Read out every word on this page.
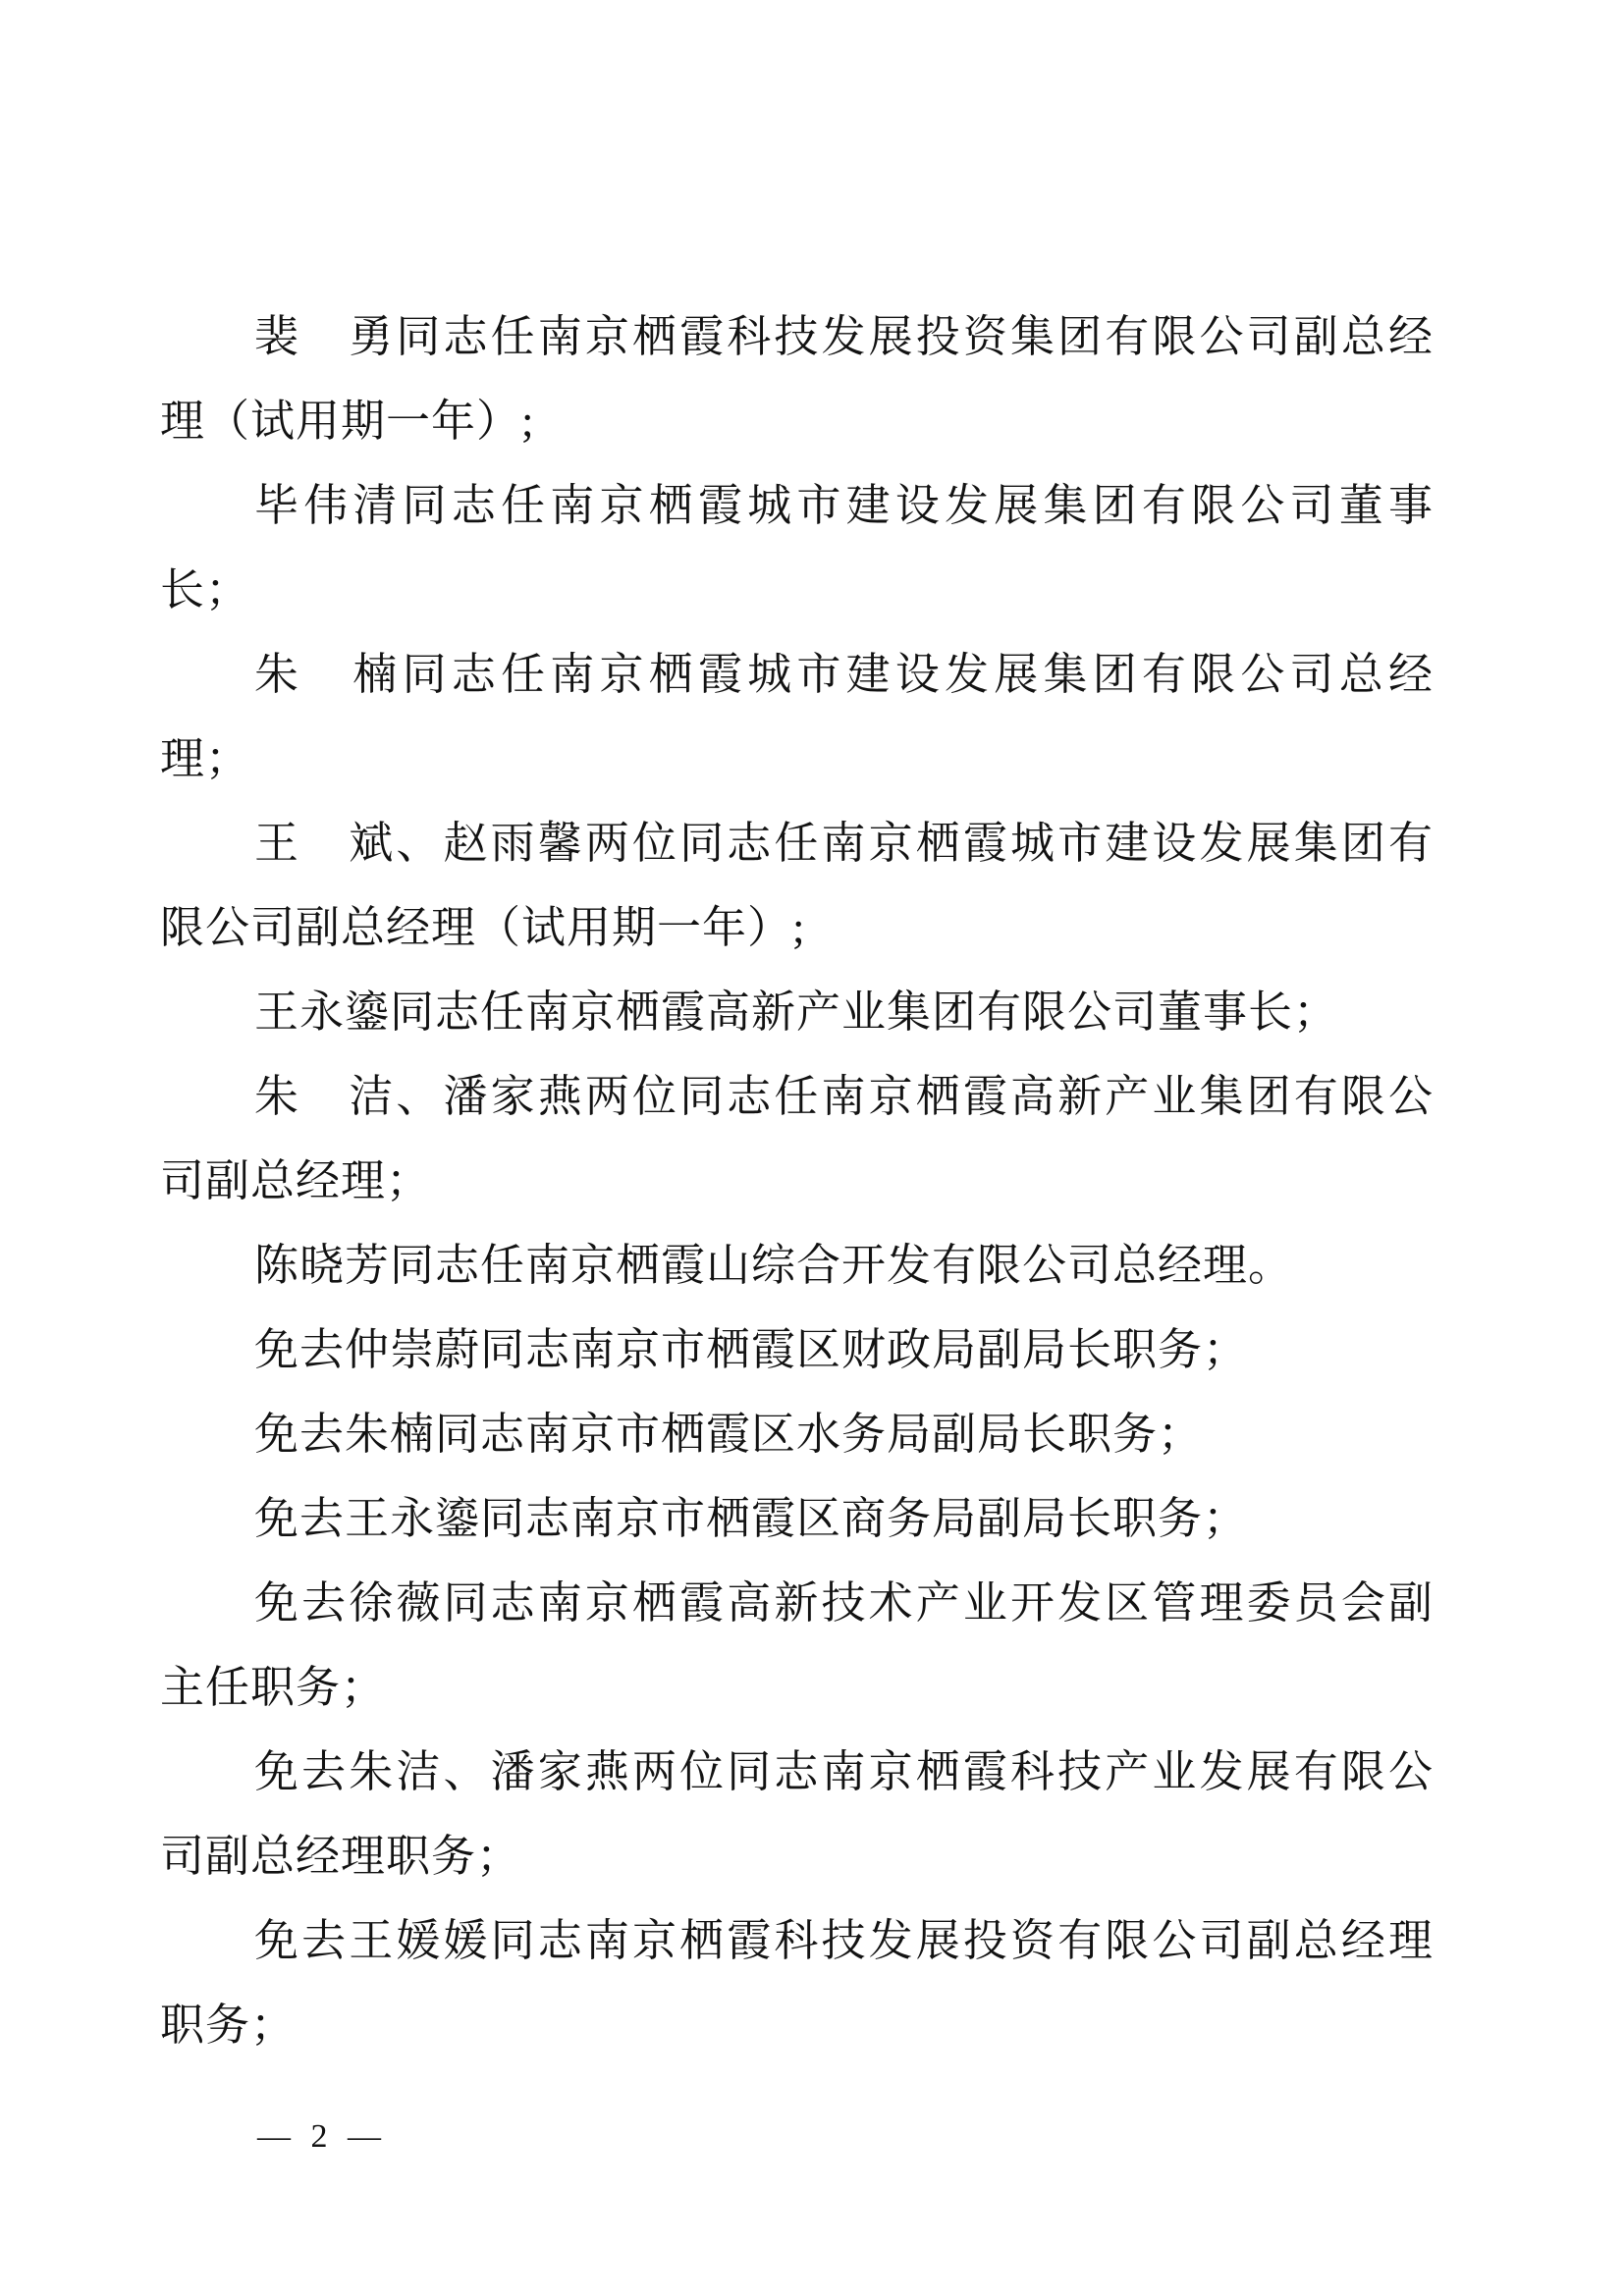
裴　勇同志任南京栖霞科技发展投资集团有限公司副总经
理（试用期一年）;
毕伟清同志任南京栖霞城市建设发展集团有限公司董事
长；
朱　楠同志任南京栖霞城市建设发展集团有限公司总经
理；
王　斌、赵雨馨两位同志任南京栖霞城市建设发展集团有
限公司副总经理（试用期一年）;
王永鎏同志任南京栖霞高新产业集团有限公司董事长；
朱　洁、潘家燕两位同志任南京栖霞高新产业集团有限公
司副总经理；
陈晓芳同志任南京栖霞山综合开发有限公司总经理。
免去仲崇蔚同志南京市栖霞区财政局副局长职务；
免去朱楠同志南京市栖霞区水务局副局长职务；
免去王永鎏同志南京市栖霞区商务局副局长职务；
免去徐薇同志南京栖霞高新技术产业开发区管理委员会副
主任职务；
免去朱洁、潘家燕两位同志南京栖霞科技产业发展有限公
司副总经理职务；
免去王媛媛同志南京栖霞科技发展投资有限公司副总经理
职务；
— 2 —
